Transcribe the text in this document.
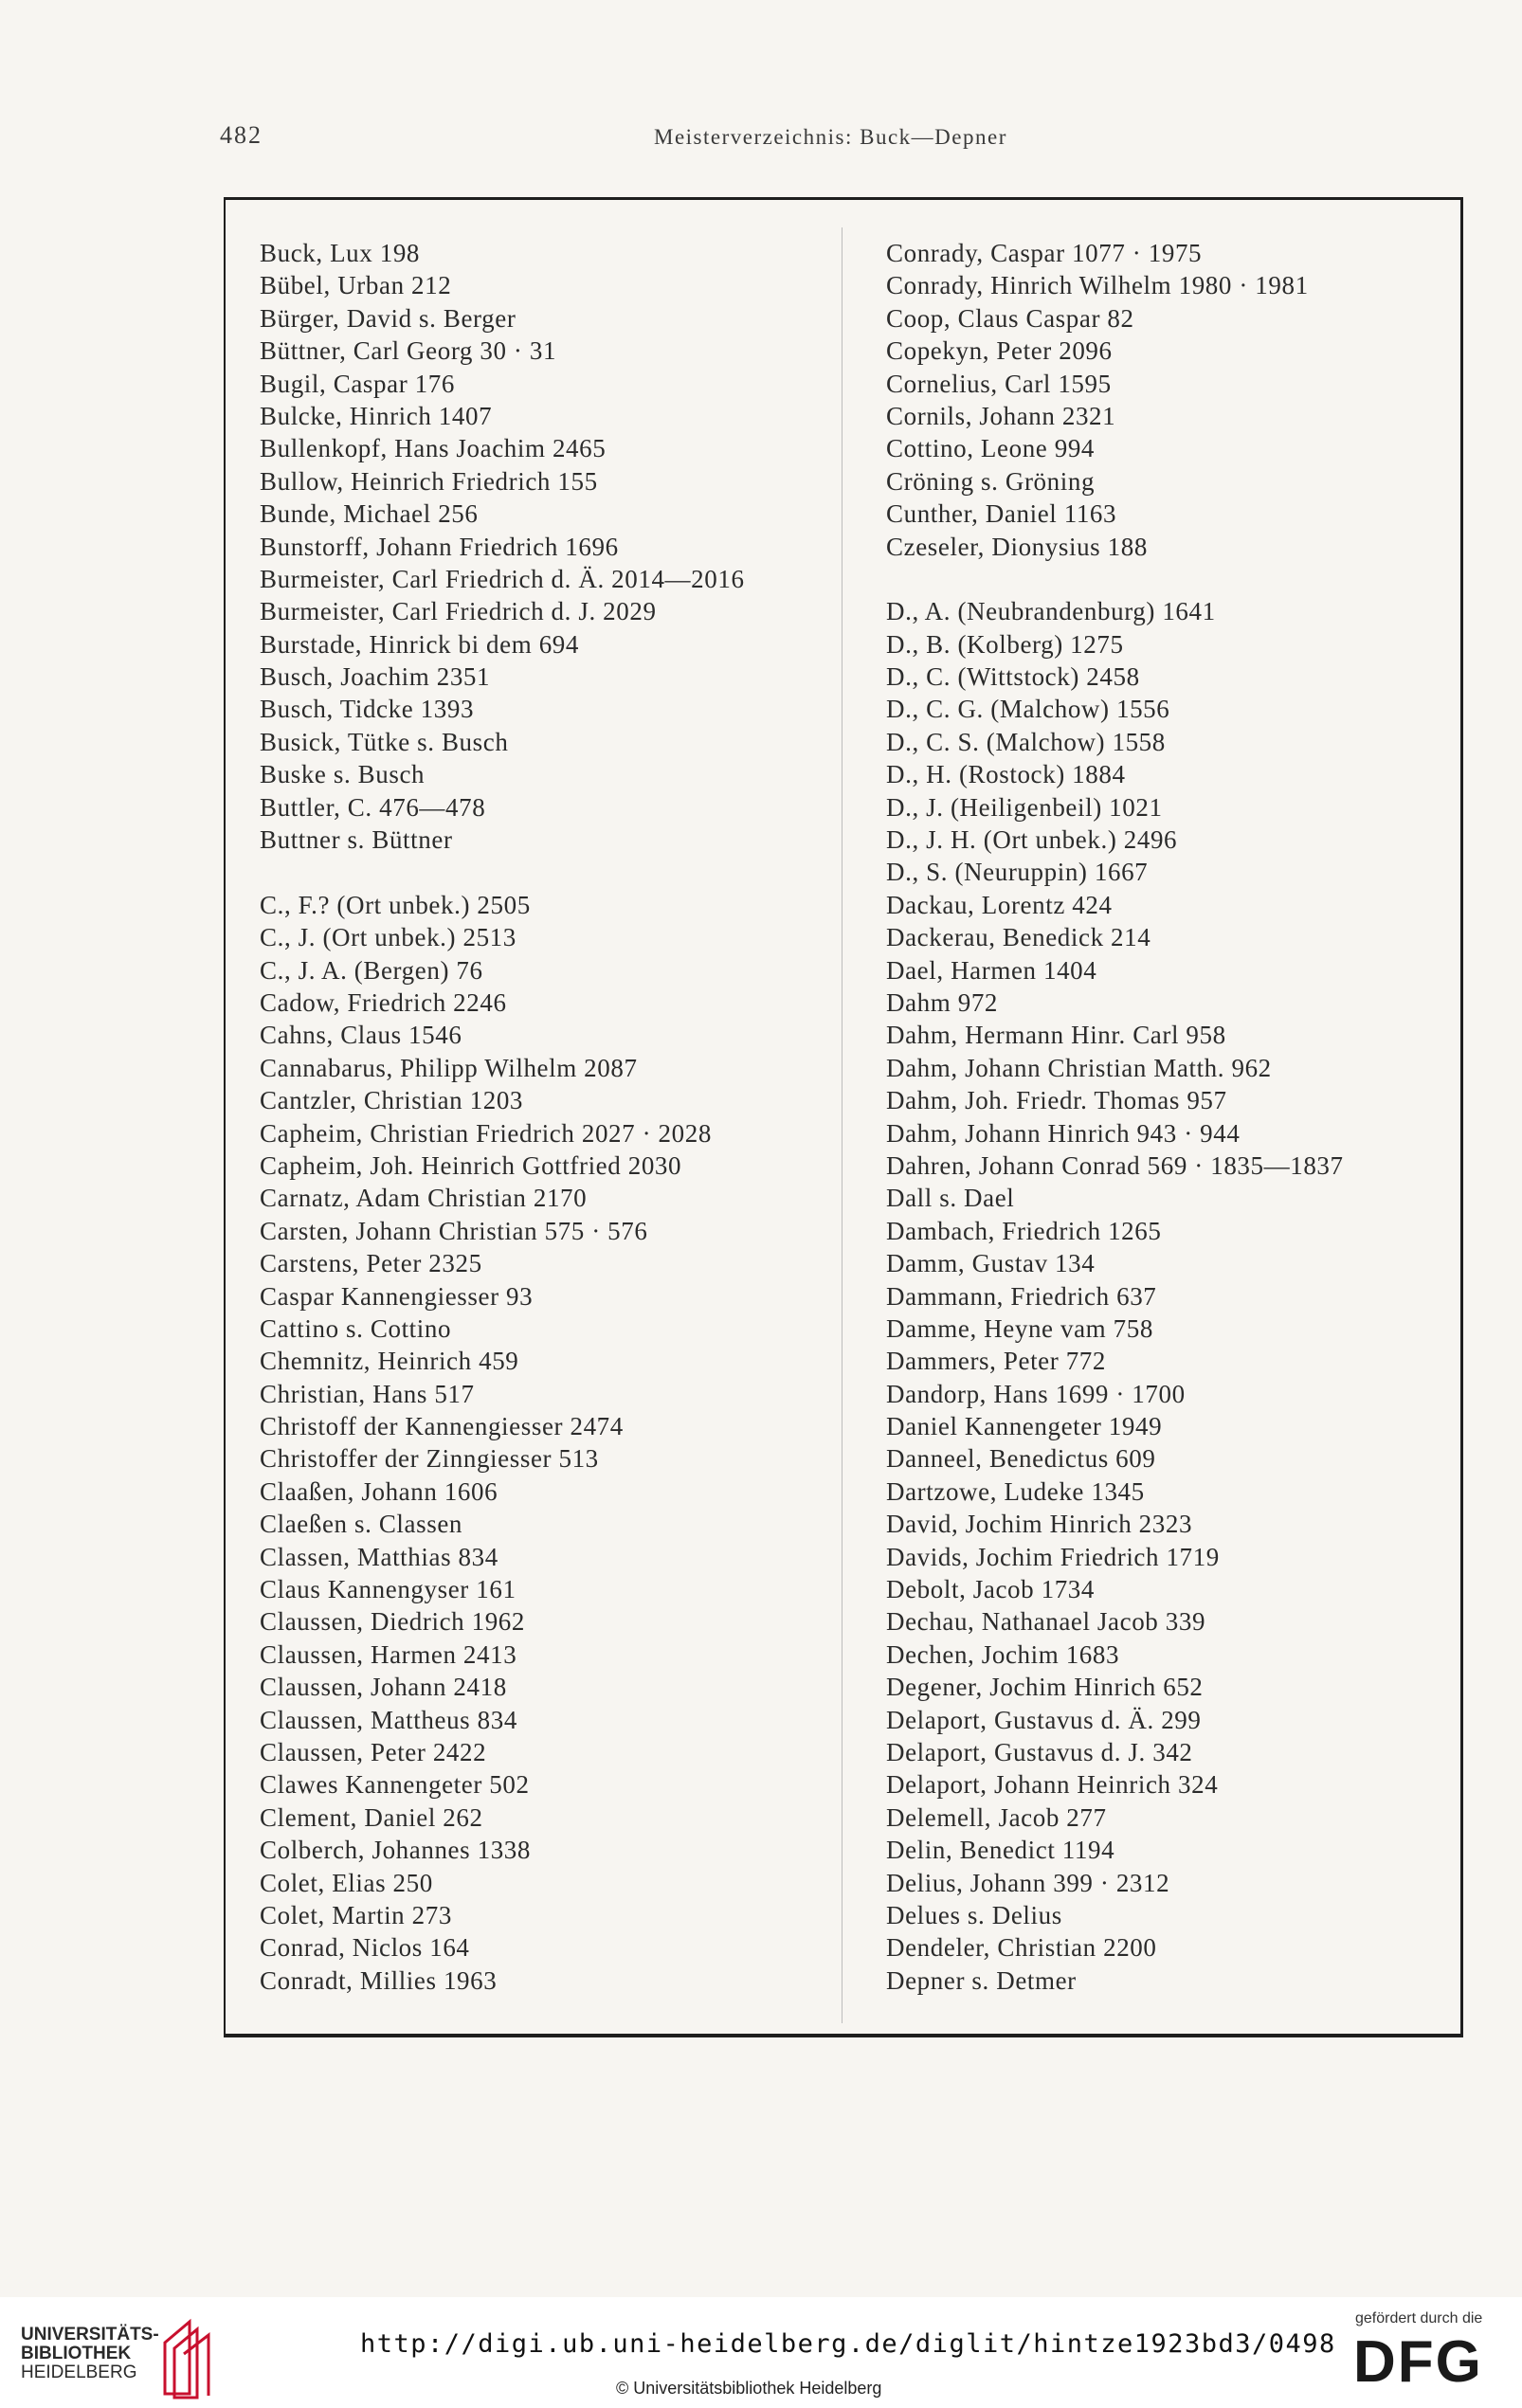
482	Meisterverzeichnis: Buck—Depner
Buck, Lux 198
Bübel, Urban 212
Bürger, David s. Berger
Büttner, Carl Georg 30 · 31
Bugil, Caspar 176
Bulcke, Hinrich 1407
Bullenkopf, Hans Joachim 2465
Bullow, Heinrich Friedrich 155
Bunde, Michael 256
Bunstorff, Johann Friedrich 1696
Burmeister, Carl Friedrich d. Ä. 2014—2016
Burmeister, Carl Friedrich d. J. 2029
Burstade, Hinrick bi dem 694
Busch, Joachim 2351
Busch, Tidcke 1393
Busick, Tütke s. Busch
Buske s. Busch
Buttler, C. 476—478
Buttner s. Büttner
C., F.? (Ort unbek.) 2505
C., J. (Ort unbek.) 2513
C., J. A. (Bergen) 76
Cadow, Friedrich 2246
Cahns, Claus 1546
Cannabarus, Philipp Wilhelm 2087
Cantzler, Christian 1203
Capheim, Christian Friedrich 2027 · 2028
Capheim, Joh. Heinrich Gottfried 2030
Carnatz, Adam Christian 2170
Carsten, Johann Christian 575 · 576
Carstens, Peter 2325
Caspar Kannengiesser 93
Cattino s. Cottino
Chemnitz, Heinrich 459
Christian, Hans 517
Christoff der Kannengiesser 2474
Christoffer der Zinngiesser 513
Claaßen, Johann 1606
Claeßen s. Classen
Classen, Matthias 834
Claus Kannengyser 161
Claussen, Diedrich 1962
Claussen, Harmen 2413
Claussen, Johann 2418
Claussen, Mattheus 834
Claussen, Peter 2422
Clawes Kannengeter 502
Clement, Daniel 262
Colberch, Johannes 1338
Colet, Elias 250
Colet, Martin 273
Conrad, Niclos 164
Conradt, Millies 1963
Conrady, Caspar 1077 · 1975
Conrady, Hinrich Wilhelm 1980 · 1981
Coop, Claus Caspar 82
Copekyn, Peter 2096
Cornelius, Carl 1595
Cornils, Johann 2321
Cottino, Leone 994
Cröning s. Gröning
Cunther, Daniel 1163
Czeseler, Dionysius 188
D., A. (Neubrandenburg) 1641
D., B. (Kolberg) 1275
D., C. (Wittstock) 2458
D., C. G. (Malchow) 1556
D., C. S. (Malchow) 1558
D., H. (Rostock) 1884
D., J. (Heiligenbeil) 1021
D., J. H. (Ort unbek.) 2496
D., S. (Neuruppin) 1667
Dackau, Lorentz 424
Dackerau, Benedick 214
Dael, Harmen 1404
Dahm 972
Dahm, Hermann Hinr. Carl 958
Dahm, Johann Christian Matth. 962
Dahm, Joh. Friedr. Thomas 957
Dahm, Johann Hinrich 943 · 944
Dahren, Johann Conrad 569 · 1835—1837
Dall s. Dael
Dambach, Friedrich 1265
Damm, Gustav 134
Dammann, Friedrich 637
Damme, Heyne vam 758
Dammers, Peter 772
Dandorp, Hans 1699 · 1700
Daniel Kannengeter 1949
Danneel, Benedictus 609
Dartzowe, Ludeke 1345
David, Jochim Hinrich 2323
Davids, Jochim Friedrich 1719
Debolt, Jacob 1734
Dechau, Nathanael Jacob 339
Dechen, Jochim 1683
Degener, Jochim Hinrich 652
Delaport, Gustavus d. Ä. 299
Delaport, Gustavus d. J. 342
Delaport, Johann Heinrich 324
Delemell, Jacob 277
Delin, Benedict 1194
Delius, Johann 399 · 2312
Delues s. Delius
Dendeler, Christian 2200
Depner s. Detmer
UNIVERSITÄTS-
BIBLIOTHEK
HEIDELBERG
http://digi.ub.uni-heidelberg.de/diglit/hintze1923bd3/0498
© Universitätsbibliothek Heidelberg
gefördert durch die
DFG
